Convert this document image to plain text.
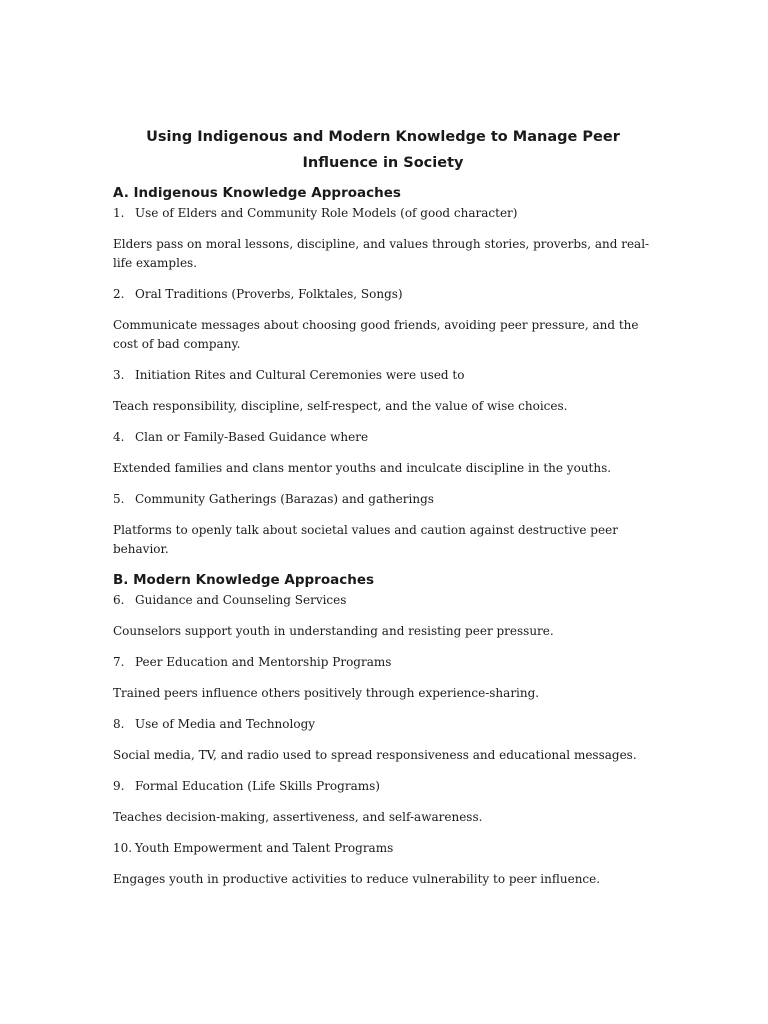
Using Indigenous and Modern Knowledge to Manage Peer Influence in Society
A. Indigenous Knowledge Approaches

1. Use of Elders and Community Role Models (of good character)

Elders pass on moral lessons, discipline, and values through stories, proverbs, and real-life examples.

2. Oral Traditions (Proverbs, Folktales, Songs)

Communicate messages about choosing good friends, avoiding peer pressure, and the cost of bad company.

3. Initiation Rites and Cultural Ceremonies were used to

Teach responsibility, discipline, self-respect, and the value of wise choices.

4. Clan or Family-Based Guidance where

Extended families and clans mentor youths and inculcate discipline in the youths.

5. Community Gatherings (Barazas) and gatherings

Platforms to openly talk about societal values and caution against destructive peer behavior.

B. Modern Knowledge Approaches

6. Guidance and Counseling Services

Counselors support youth in understanding and resisting peer pressure.

7. Peer Education and Mentorship Programs

Trained peers influence others positively through experience-sharing.

8. Use of Media and Technology

Social media, TV, and radio used to spread responsiveness and educational messages.

9. Formal Education (Life Skills Programs)

Teaches decision-making, assertiveness, and self-awareness.

10. Youth Empowerment and Talent Programs

Engages youth in productive activities to reduce vulnerability to peer influence.
